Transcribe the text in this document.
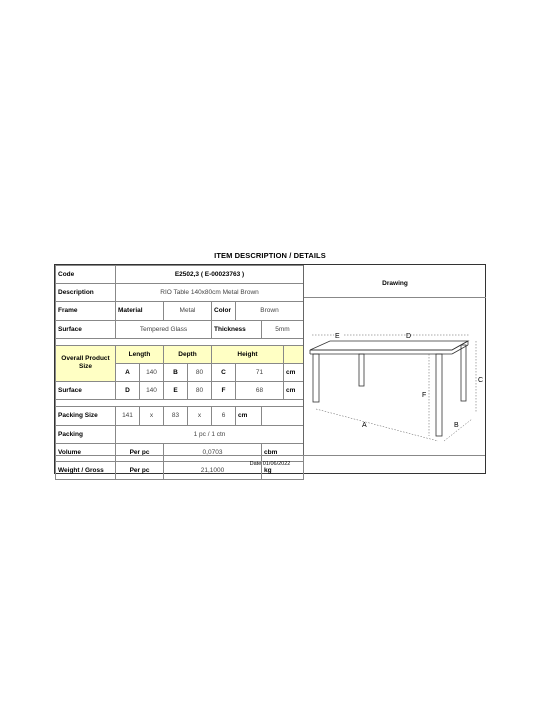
ITEM DESCRIPTION / DETAILS
Code	E2502,3 ( E-00023763 )							
Description	RIO Table 140x80cm Metal Brown							
Frame	Material		Metal		Color	Brown		
Surface	Tempered Glass				Thickness		5mm	

Overall Product Size	Length		Depth		Height			
	A	140	B	80	C	71		cm
Surface	D	140	E	80	F	68		cm

Packing Size	141	x	83	x	6	cm		
Packing	1 pc / 1 ctn							
Volume	Per pc		0,0703				cbm	
Weight / Gross	Per pc		21,1000				kg	
Drawing
E	D
C
F
A	B
Date 01/06/2022
